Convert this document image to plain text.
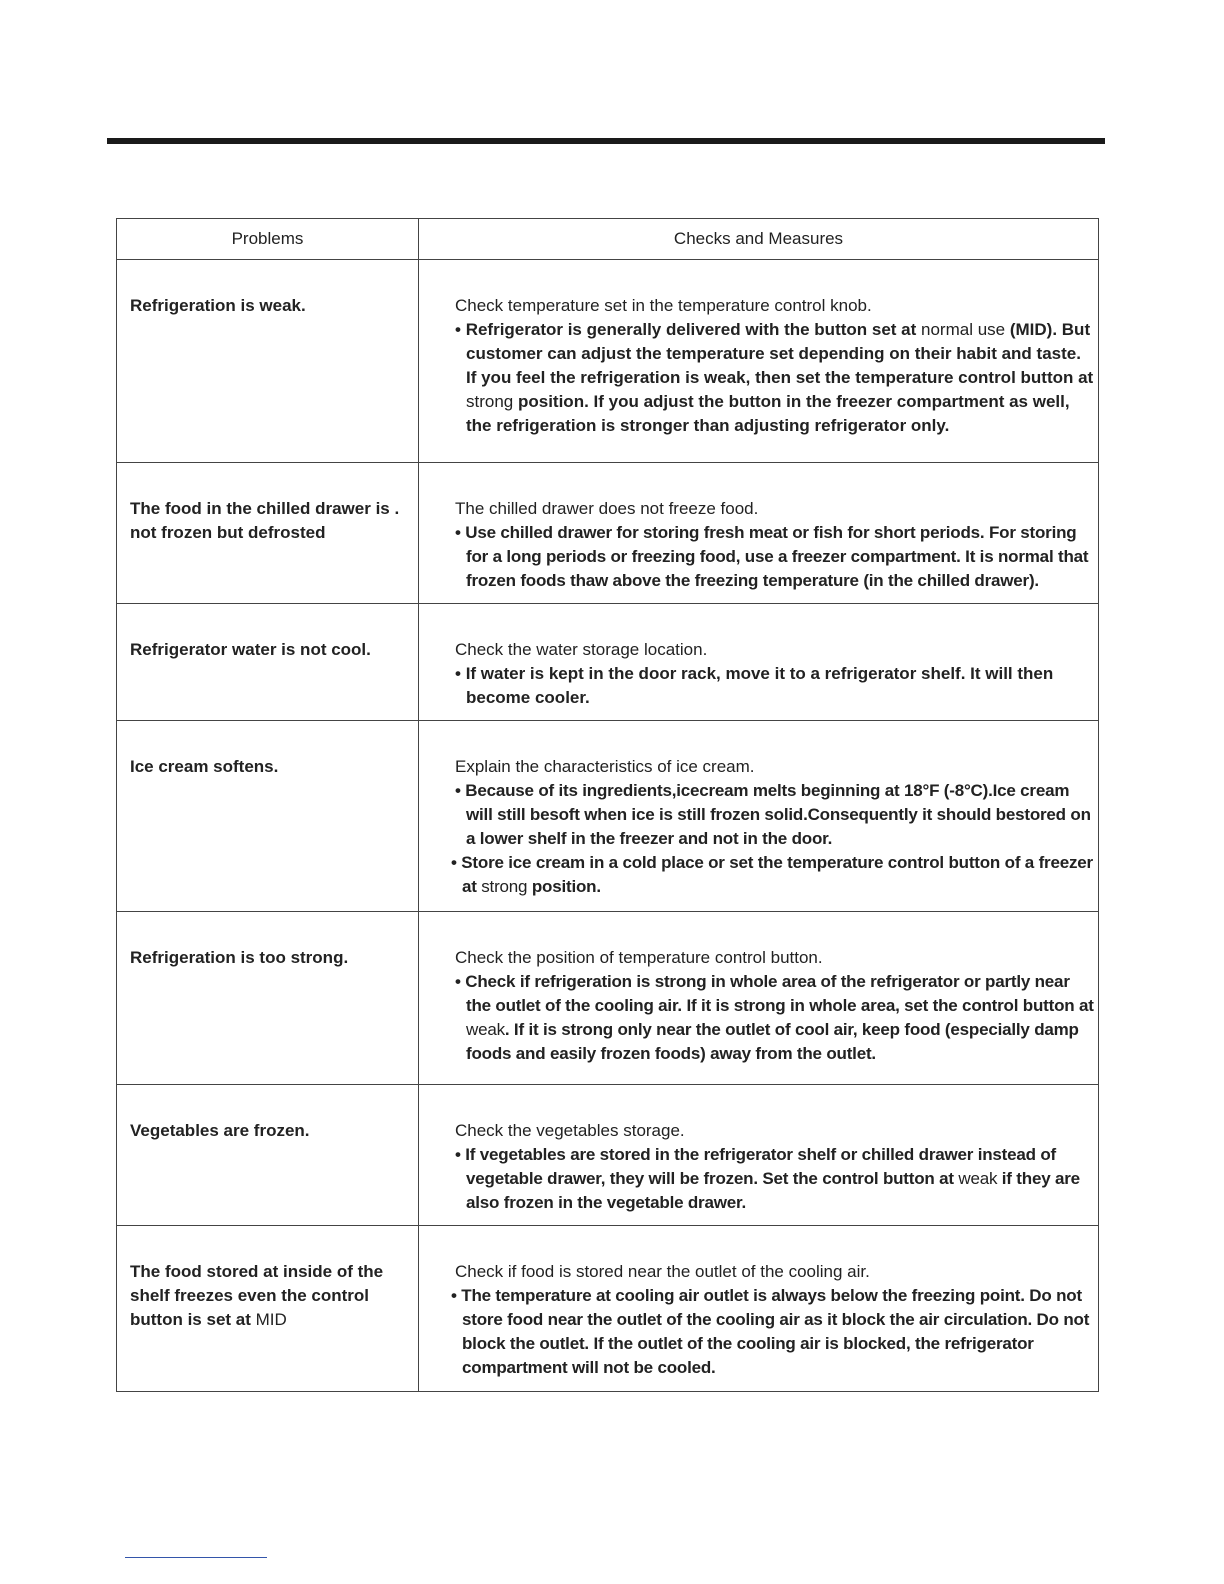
Problems	Checks and Measures
Refrigeration is weak.	Check temperature set in the temperature control knob.
• Refrigerator is generally delivered with the button set at normal use (MID). But customer can adjust the temperature set depending on their habit and taste. If you feel the refrigeration is weak, then set the temperature control button at strong position. If you adjust the button in the freezer compartment as well, the refrigeration is stronger than adjusting refrigerator only.

The food in the chilled drawer is . not frozen but defrosted	The chilled drawer does not freeze food.
• Use chilled drawer for storing fresh meat or fish for short periods. For storing for a long periods or freezing food, use a freezer compartment. It is normal that frozen foods thaw above the freezing temperature (in the chilled drawer).

Refrigerator water is not cool.	Check the water storage location.
• If water is kept in the door rack, move it to a refrigerator shelf. It will then become cooler.

Ice cream softens.	Explain the characteristics of ice cream.
• Because of its ingredients,icecream melts beginning at 18°F (-8°C).Ice cream will still besoft when ice is still frozen solid.Consequently it should bestored on a lower shelf in the freezer and not in the door.
• Store ice cream in a cold place or set the temperature control button of a freezer at strong position.

Refrigeration is too strong.	Check the position of temperature control button.
• Check if refrigeration is strong in whole area of the refrigerator or partly near the outlet of the cooling air. If it is strong in whole area, set the control button at weak. If it is strong only near the outlet of cool air, keep food (especially damp foods and easily frozen foods) away from the outlet.

Vegetables are frozen.	Check the vegetables storage.
• If vegetables are stored in the refrigerator shelf or chilled drawer instead of vegetable drawer, they will be frozen. Set the control button at weak if they are also frozen in the vegetable drawer.

The food stored at inside of the shelf freezes even the control button is set at MID	Check if food is stored near the outlet of the cooling air.
• The temperature at cooling air outlet is always below the freezing point. Do not store food near the outlet of the cooling air as it block the air circulation. Do not block the outlet. If the outlet of the cooling air is blocked, the refrigerator compartment will not be cooled.
